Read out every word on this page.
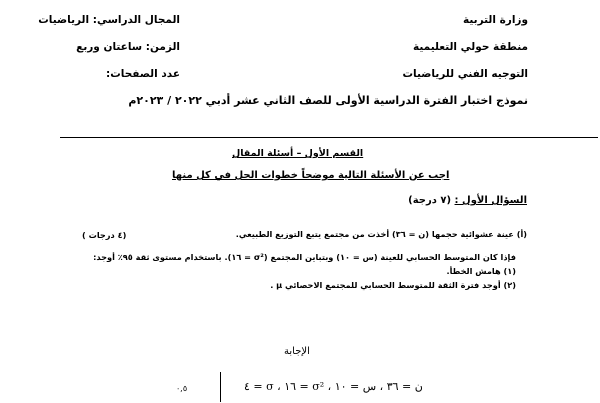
وزارة التربية
منطقة حولي التعليمية
التوجيه الفني للرياضيات
المجال الدراسي: الرياضيات
الزمن: ساعتان وربع
عدد الصفحات:
نموذج اختبار الفترة الدراسية الأولى للصف الثاني عشر أدبي ٢٠٢٢ / ٢٠٢٣م
القسم الأول – أسئلة المقال
اجب عن الأسئلة التالية موضحاً خطوات الحل في كل منها
السؤال الأول : (٧ درجة)
(أ) عينة عشوائية حجمها (ن = ٣٦) أخذت من مجتمع يتبع التوزيع الطبيعي.
(٤ درجات )
فإذا كان المتوسط الحسابي للعينة (س = ١٠) وبتباين المجتمع (σ² = ١٦). باستخدام مستوى ثقة ٩٥٪ أوجد:
(١) هامش الخطأ.
(٢) أوجد فترة الثقة للمتوسط الحسابي للمجتمع الاحصائي μ .
الإجابة
ن = ٣٦ ، س = ١٠ ، σ² = ١٦ ، σ = ٤
٠,٥
